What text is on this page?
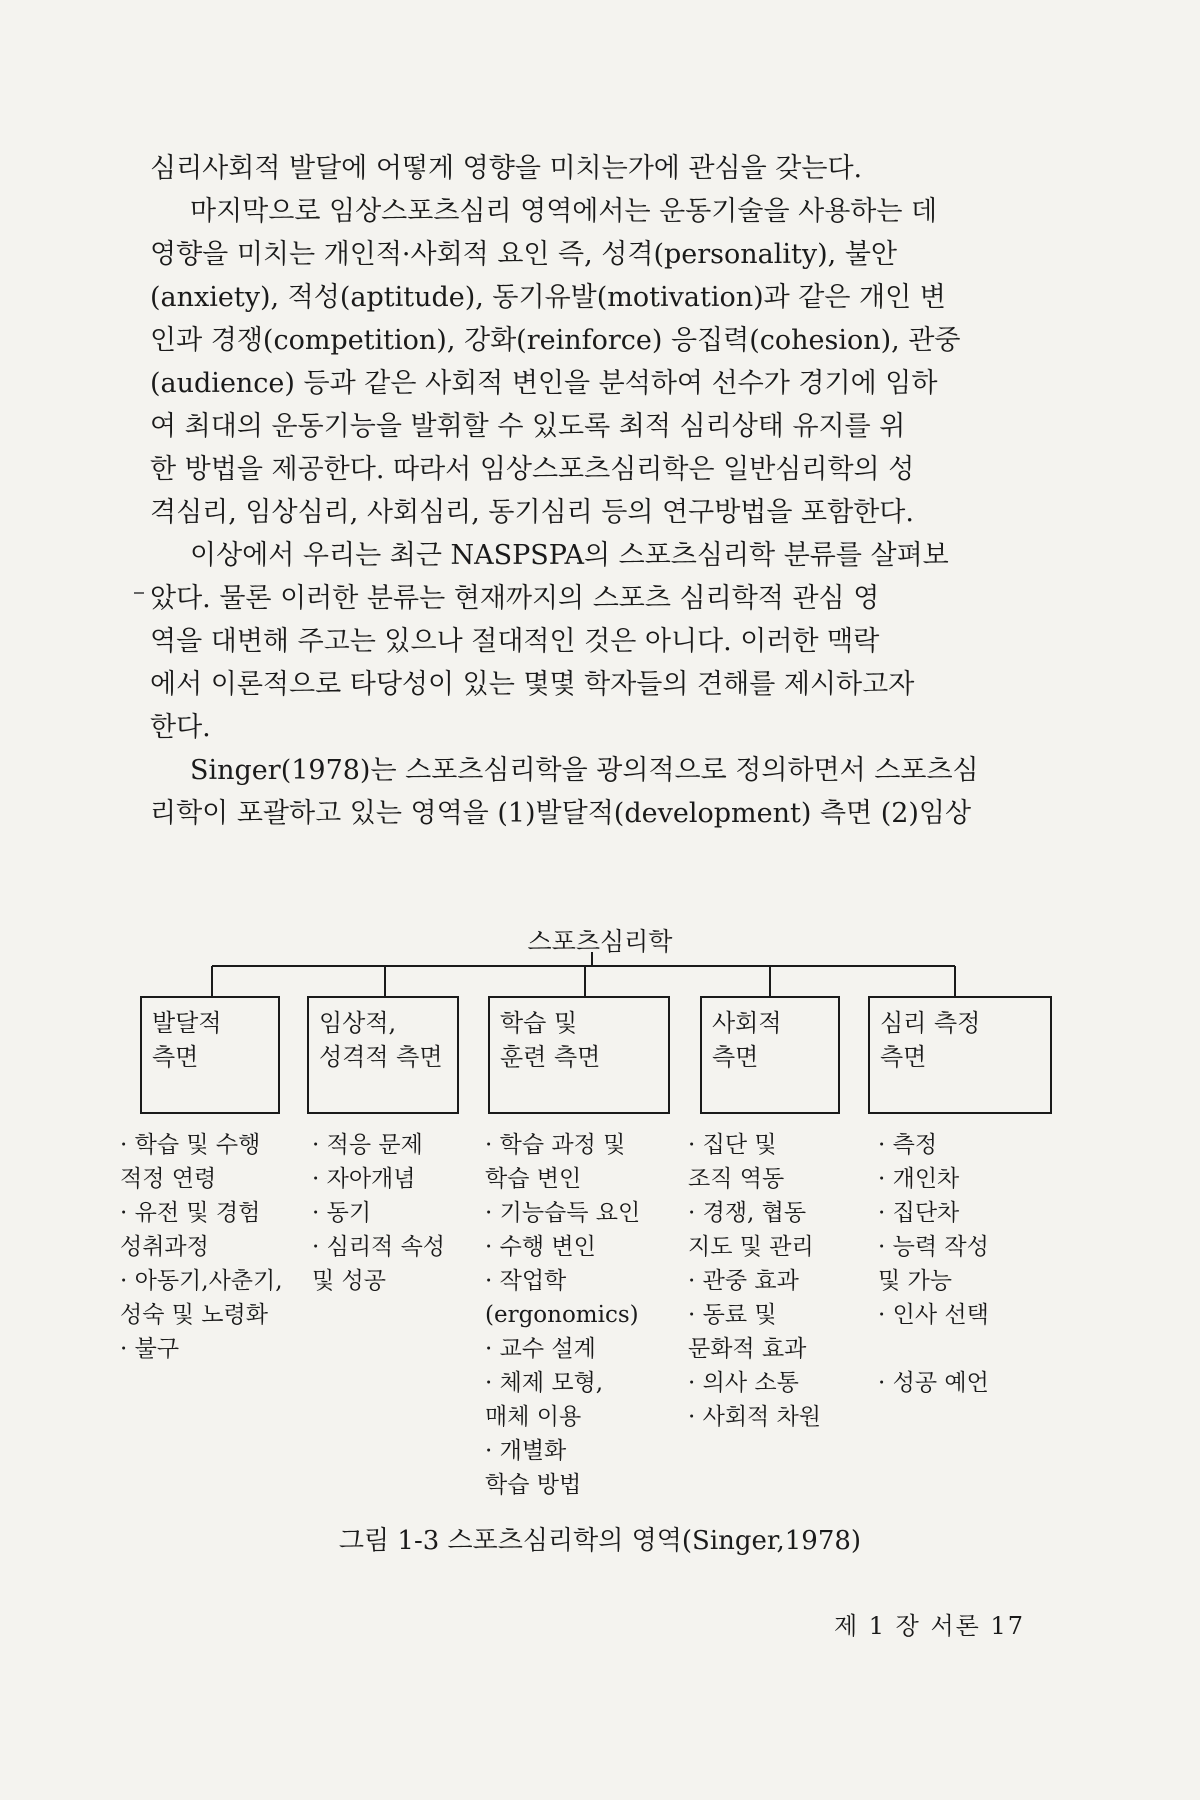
심리사회적 발달에 어떻게 영향을 미치는가에 관심을 갖는다.
마지막으로 임상스포츠심리 영역에서는 운동기술을 사용하는 데
영향을 미치는 개인적·사회적 요인 즉, 성격(personality), 불안
(anxiety), 적성(aptitude), 동기유발(motivation)과 같은 개인 변
인과 경쟁(competition), 강화(reinforce) 응집력(cohesion), 관중
(audience) 등과 같은 사회적 변인을 분석하여 선수가 경기에 임하
여 최대의 운동기능을 발휘할 수 있도록 최적 심리상태 유지를 위
한 방법을 제공한다. 따라서 임상스포츠심리학은 일반심리학의 성
격심리, 임상심리, 사회심리, 동기심리 등의 연구방법을 포함한다.
이상에서 우리는 최근 NASPSPA의 스포츠심리학 분류를 살펴보
았다. 물론 이러한 분류는 현재까지의 스포츠 심리학적 관심 영
역을 대변해 주고는 있으나 절대적인 것은 아니다. 이러한 맥락
에서 이론적으로 타당성이 있는 몇몇 학자들의 견해를 제시하고자
한다.
Singer(1978)는 스포츠심리학을 광의적으로 정의하면서 스포츠심
리학이 포괄하고 있는 영역을 (1)발달적(development) 측면 (2)임상
스포츠심리학
발달적
측면
임상적,
성격적 측면
학습 및
훈련 측면
사회적
측면
심리 측정
측면
· 학습 및 수행
적정 연령
· 유전 및 경험
성취과정
· 아동기,사춘기,
성숙 및 노령화
· 불구
· 적응 문제
· 자아개념
· 동기
· 심리적 속성
및 성공
· 학습 과정 및
학습 변인
· 기능습득 요인
· 수행 변인
· 작업학
(ergonomics)
· 교수 설계
· 체제 모형,
매체 이용
· 개별화
학습 방법
· 집단 및
조직 역동
· 경쟁, 협동
지도 및 관리
· 관중 효과
· 동료 및
문화적 효과
· 의사 소통
· 사회적 차원
· 측정
· 개인차
· 집단차
· 능력 작성
및 가능
· 인사 선택
· 성공 예언
그림 1-3 스포츠심리학의 영역(Singer,1978)
제 1 장 서론 17
